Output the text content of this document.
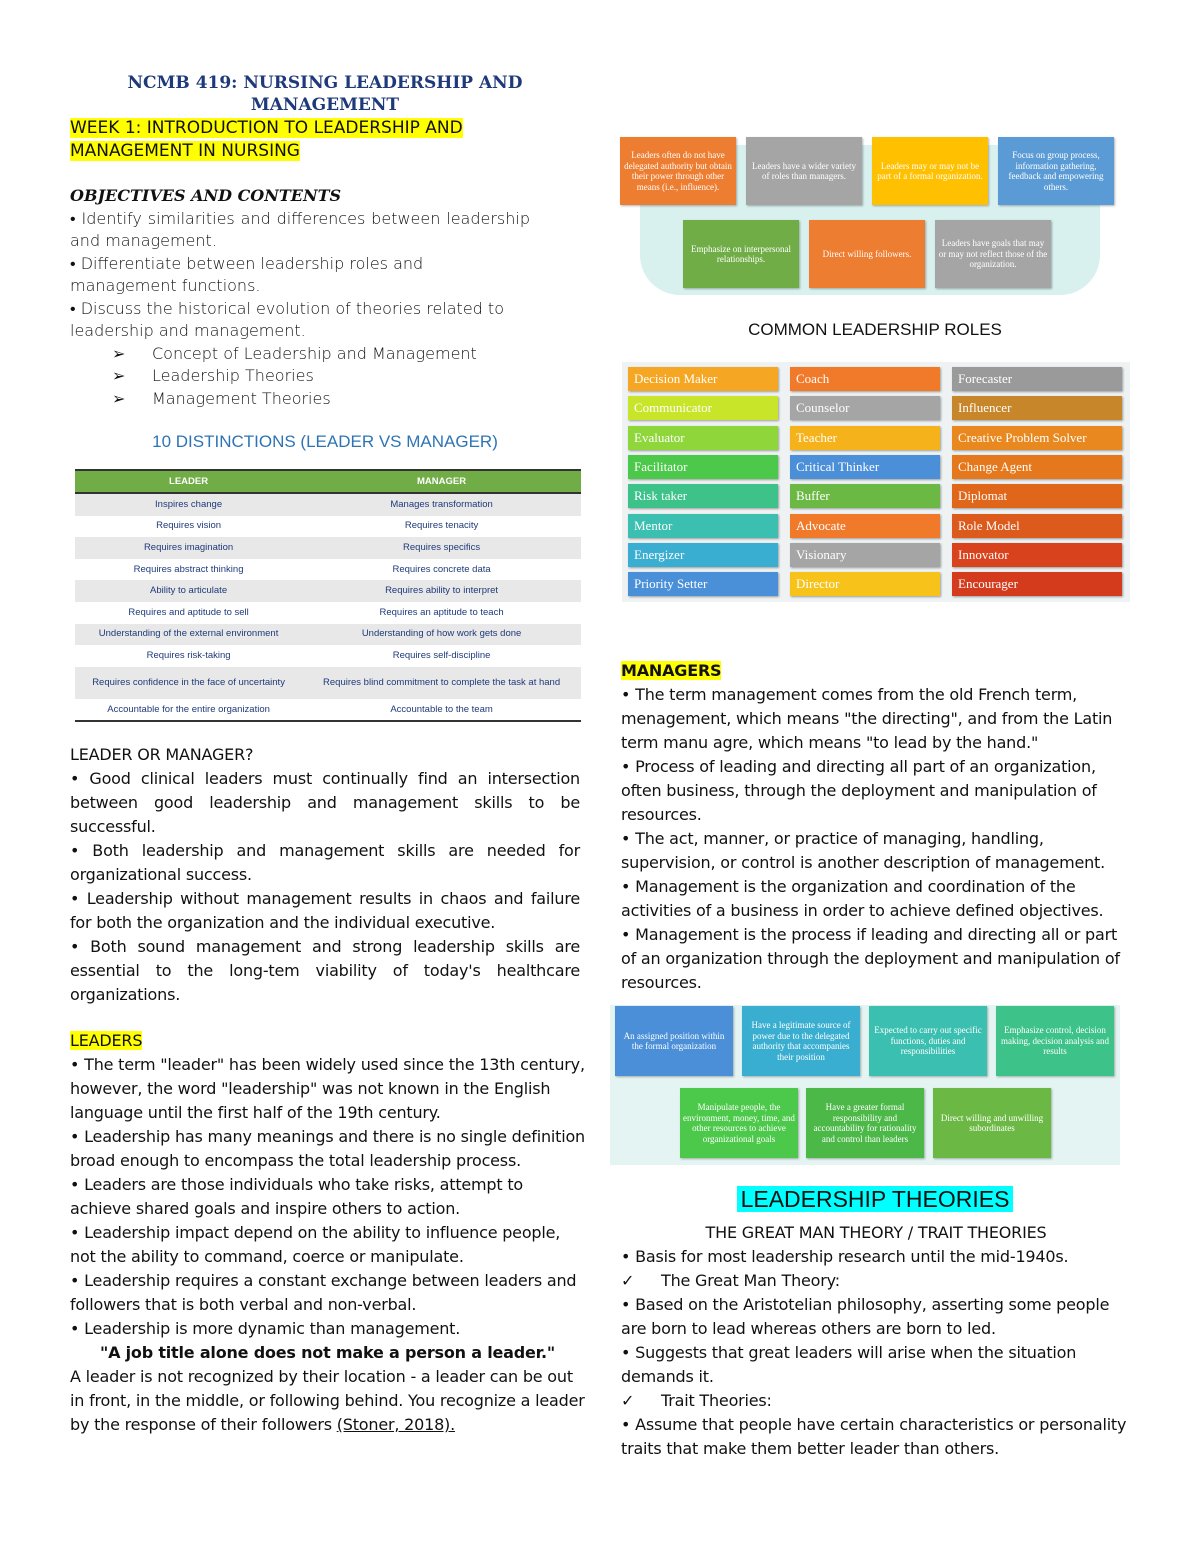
NCMB 419: NURSING LEADERSHIP AND MANAGEMENT
WEEK 1: INTRODUCTION TO LEADERSHIP AND MANAGEMENT IN NURSING
OBJECTIVES AND CONTENTS
• Identify similarities and differences between leadership and management.
• Differentiate between leadership roles and management functions.
• Discuss the historical evolution of theories related to leadership and management.
➢ Concept of Leadership and Management
➢ Leadership Theories
➢ Management Theories
10 DISTINCTIONS (LEADER VS MANAGER)
LEADER	MANAGER
Inspires change	Manages transformation
Requires vision	Requires tenacity
Requires imagination	Requires specifics
Requires abstract thinking	Requires concrete data
Ability to articulate	Requires ability to interpret
Requires and aptitude to sell	Requires an aptitude to teach
Understanding of the external environment	Understanding of how work gets done
Requires risk-taking	Requires self-discipline
Requires confidence in the face of uncertainty	Requires blind commitment to complete the task at hand
Accountable for the entire organization	Accountable to the team
LEADER OR MANAGER?
• Good clinical leaders must continually find an intersection between good leadership and management skills to be successful.
• Both leadership and management skills are needed for organizational success.
• Leadership without management results in chaos and failure for both the organization and the individual executive.
• Both sound management and strong leadership skills are essential to the long-tem viability of today's healthcare organizations.
LEADERS
• The term "leader" has been widely used since the 13th century, however, the word "leadership" was not known in the English language until the first half of the 19th century.
• Leadership has many meanings and there is no single definition broad enough to encompass the total leadership process.
• Leaders are those individuals who take risks, attempt to achieve shared goals and inspire others to action.
• Leadership impact depend on the ability to influence people, not the ability to command, coerce or manipulate.
• Leadership requires a constant exchange between leaders and followers that is both verbal and non-verbal.
• Leadership is more dynamic than management.
"A job title alone does not make a person a leader."
A leader is not recognized by their location - a leader can be out in front, in the middle, or following behind. You recognize a leader by the response of their followers (Stoner, 2018).
Leaders often do not have delegated authority but obtain their power through other means (i.e., influence).
Leaders have a wider variety of roles than managers.
Leaders may or may not be part of a formal organization.
Focus on group process, information gathering, feedback and empowering others.
Emphasize on interpersonal relationships.
Direct willing followers.
Leaders have goals that may or may not reflect those of the organization.
COMMON LEADERSHIP ROLES
Decision Maker
Communicator
Evaluator
Facilitator
Risk taker
Mentor
Energizer
Priority Setter
Coach
Counselor
Teacher
Critical Thinker
Buffer
Advocate
Visionary
Director
Forecaster
Influencer
Creative Problem Solver
Change Agent
Diplomat
Role Model
Innovator
Encourager
MANAGERS
• The term management comes from the old French term, menagement, which means "the directing", and from the Latin term manu agre, which means "to lead by the hand."
• Process of leading and directing all part of an organization, often business, through the deployment and manipulation of resources.
• The act, manner, or practice of managing, handling, supervision, or control is another description of management.
• Management is the organization and coordination of the activities of a business in order to achieve defined objectives.
• Management is the process if leading and directing all or part of an organization through the deployment and manipulation of resources.
An assigned position within the formal organization
Have a legitimate source of power due to the delegated authority that accompanies their position
Expected to carry out specific functions, duties and responsibilities
Emphasize control, decision making, decision analysis and results
Manipulate people, the environment, money, time, and other resources to achieve organizational goals
Have a greater formal responsibility and accountability for rationality and control than leaders
Direct willing and unwilling subordinates
LEADERSHIP THEORIES
THE GREAT MAN THEORY / TRAIT THEORIES
• Basis for most leadership research until the mid-1940s.
✓ The Great Man Theory:
• Based on the Aristotelian philosophy, asserting some people are born to lead whereas others are born to led.
• Suggests that great leaders will arise when the situation demands it.
✓ Trait Theories:
• Assume that people have certain characteristics or personality traits that make them better leader than others.
